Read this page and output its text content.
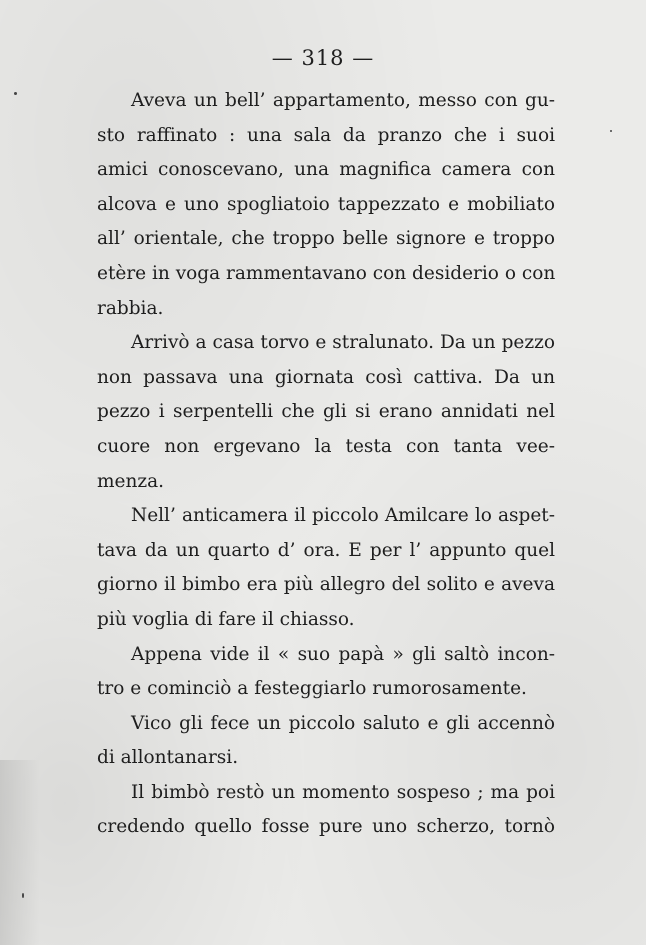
— 318 —
Aveva un bell’ appartamento, messo con gu-
sto raffinato : una sala da pranzo che i suoi
amici conoscevano, una magnifica camera con
alcova e uno spogliatoio tappezzato e mobiliato
all’ orientale, che troppo belle signore e troppo
etère in voga rammentavano con desiderio o con
rabbia.
Arrivò a casa torvo e stralunato. Da un pezzo
non passava una giornata così cattiva. Da un
pezzo i serpentelli che gli si erano annidati nel
cuore non ergevano la testa con tanta vee-
menza.
Nell’ anticamera il piccolo Amilcare lo aspet-
tava da un quarto d’ ora. E per l’ appunto quel
giorno il bimbo era più allegro del solito e aveva
più voglia di fare il chiasso.
Appena vide il « suo papà » gli saltò incon-
tro e cominciò a festeggiarlo rumorosamente.
Vico gli fece un piccolo saluto e gli accennò
di allontanarsi.
Il bimbò restò un momento sospeso ; ma poi
credendo quello fosse pure uno scherzo, tornò
